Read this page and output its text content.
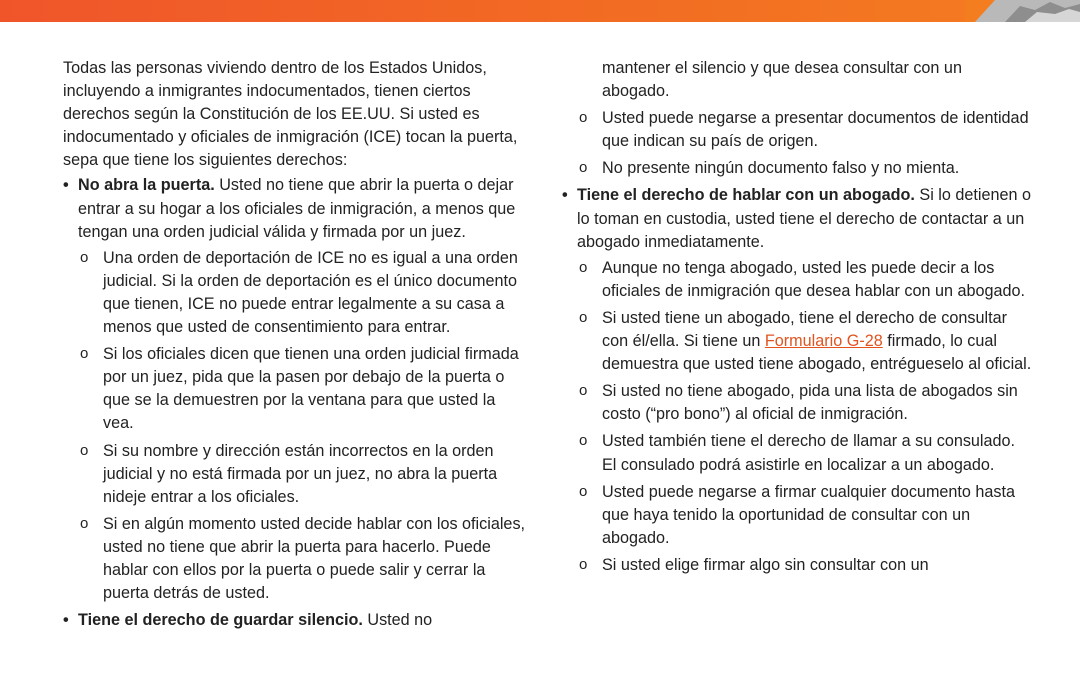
Todas las personas viviendo dentro de los Estados Unidos, incluyendo a inmigrantes indocumentados, tienen ciertos derechos según la Constitución de los EE.UU. Si usted es indocumentado y oficiales de inmigración (ICE) tocan la puerta, sepa que tiene los siguientes derechos:

• No abra la puerta. Usted no tiene que abrir la puerta o dejar entrar a su hogar a los oficiales de inmigración, a menos que tengan una orden judicial válida y firmada por un juez.
o Una orden de deportación de ICE no es igual a una orden judicial. Si la orden de deportación es el único documento que tienen, ICE no puede entrar legalmente a su casa a menos que usted de consentimiento para entrar.
o Si los oficiales dicen que tienen una orden judicial firmada por un juez, pida que la pasen por debajo de la puerta o que se la demuestren por la ventana para que usted la vea.
o Si su nombre y dirección están incorrectos en la orden judicial y no está firmada por un juez, no abra la puerta nideje entrar a los oficiales.
o Si en algún momento usted decide hablar con los oficiales, usted no tiene que abrir la puerta para hacerlo. Puede hablar con ellos por la puerta o puede salir y cerrar la puerta detrás de usted.
• Tiene el derecho de guardar silencio. Usted no

mantener el silencio y que desea consultar con un abogado.

o Usted puede negarse a presentar documentos de identidad que indican su país de origen.
o No presente ningún documento falso y no mienta.
• Tiene el derecho de hablar con un abogado. Si lo detienen o lo toman en custodia, usted tiene el derecho de contactar a un abogado inmediatamente.
o Aunque no tenga abogado, usted les puede decir a los oficiales de inmigración que desea hablar con un abogado.
o Si usted tiene un abogado, tiene el derecho de consultar con él/ella. Si tiene un Formulario G-28 firmado, lo cual demuestra que usted tiene abogado, entrégueselo al oficial.
o Si usted no tiene abogado, pida una lista de abogados sin costo (“pro bono”) al oficial de inmigración.
o Usted también tiene el derecho de llamar a su consulado. El consulado podrá asistirle en localizar a un abogado.
o Usted puede negarse a firmar cualquier documento hasta que haya tenido la oportunidad de consultar con un abogado.
o Si usted elige firmar algo sin consultar con un
